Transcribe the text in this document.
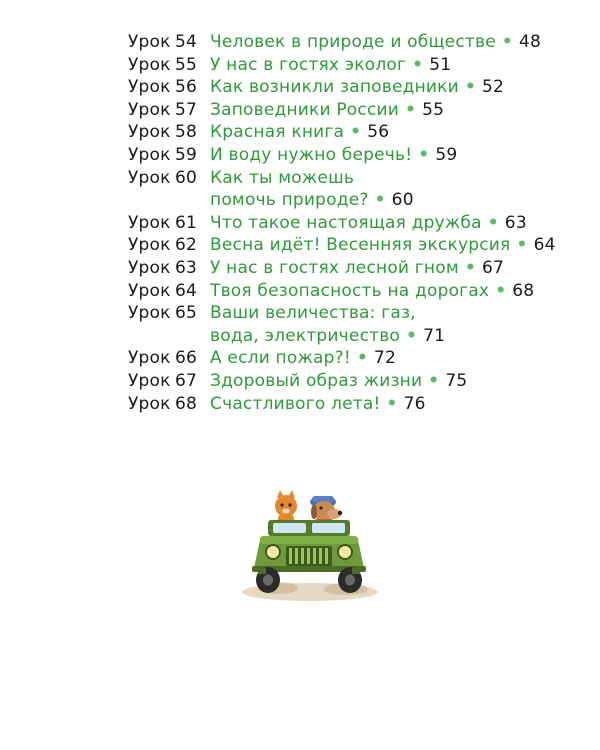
Урок 54 Человек в природе и обществе • 48
Урок 55 У нас в гостях эколог • 51
Урок 56 Как возникли заповедники • 52
Урок 57 Заповедники России • 55
Урок 58 Красная книга • 56
Урок 59 И воду нужно беречь! • 59
Урок 60 Как ты можешь
помочь природе? • 60
Урок 61 Что такое настоящая дружба • 63
Урок 62 Весна идёт! Весенняя экскурсия • 64
Урок 63 У нас в гостях лесной гном • 67
Урок 64 Твоя безопасность на дорогах • 68
Урок 65 Ваши величества: газ,
вода, электричество • 71
Урок 66 А если пожар?! • 72
Урок 67 Здоровый образ жизни • 75
Урок 68 Счастливого лета! • 76
